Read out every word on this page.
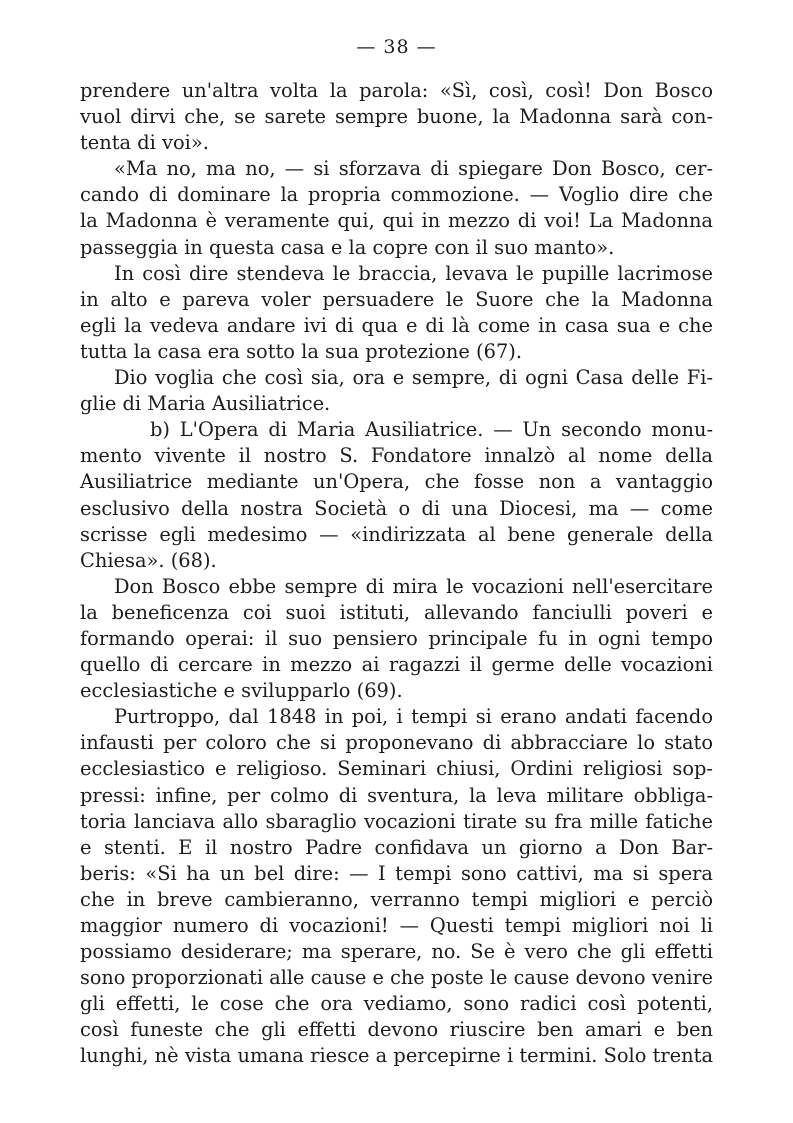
— 38 —
prendere un'altra volta la parola: «Sì, così, così! Don Bosco
vuol dirvi che, se sarete sempre buone, la Madonna sarà con-
tenta di voi».
«Ma no, ma no, — si sforzava di spiegare Don Bosco, cer-
cando di dominare la propria commozione. — Voglio dire che
la Madonna è veramente qui, qui in mezzo di voi! La Madonna
passeggia in questa casa e la copre con il suo manto».
In così dire stendeva le braccia, levava le pupille lacrimose
in alto e pareva voler persuadere le Suore che la Madonna
egli la vedeva andare ivi di qua e di là come in casa sua e che
tutta la casa era sotto la sua protezione (67).
Dio voglia che così sia, ora e sempre, di ogni Casa delle Fi-
glie di Maria Ausiliatrice.
b) L'Opera di Maria Ausiliatrice. — Un secondo monu-
mento vivente il nostro S. Fondatore innalzò al nome della
Ausiliatrice mediante un'Opera, che fosse non a vantaggio
esclusivo della nostra Società o di una Diocesi, ma — come
scrisse egli medesimo — «indirizzata al bene generale della
Chiesa». (68).
Don Bosco ebbe sempre di mira le vocazioni nell'esercitare
la beneficenza coi suoi istituti, allevando fanciulli poveri e
formando operai: il suo pensiero principale fu in ogni tempo
quello di cercare in mezzo ai ragazzi il germe delle vocazioni
ecclesiastiche e svilupparlo (69).
Purtroppo, dal 1848 in poi, i tempi si erano andati facendo
infausti per coloro che si proponevano di abbracciare lo stato
ecclesiastico e religioso. Seminari chiusi, Ordini religiosi sop-
pressi: infine, per colmo di sventura, la leva militare obbliga-
toria lanciava allo sbaraglio vocazioni tirate su fra mille fatiche
e stenti. E il nostro Padre confidava un giorno a Don Bar-
beris: «Si ha un bel dire: — I tempi sono cattivi, ma si spera
che in breve cambieranno, verranno tempi migliori e perciò
maggior numero di vocazioni! — Questi tempi migliori noi li
possiamo desiderare; ma sperare, no. Se è vero che gli effetti
sono proporzionati alle cause e che poste le cause devono venire
gli effetti, le cose che ora vediamo, sono radici così potenti,
così funeste che gli effetti devono riuscire ben amari e ben
lunghi, nè vista umana riesce a percepirne i termini. Solo trenta
